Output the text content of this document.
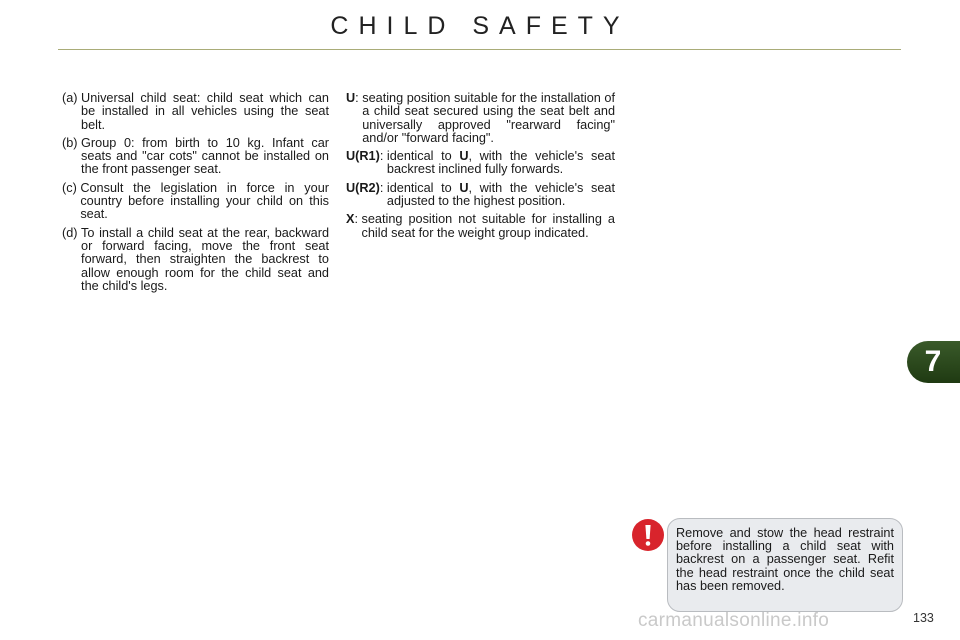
CHILD SAFETY
(a)
Universal child seat: child seat which can be installed in all vehicles using the seat belt.
(b)
Group 0: from birth to 10 kg. Infant car seats and "car cots" cannot be installed on the front passenger seat.
(c)
Consult the legislation in force in your country before installing your child on this seat.
(d)
To install a child seat at the rear, backward or forward facing, move the front seat forward, then straighten the backrest to allow enough room for the child seat and the child's legs.
U : seating position suitable for the installation of a child seat secured using the seat belt and universally approved "rearward facing" and/or "forward facing".
U(R1) : identical to U, with the vehicle's seat backrest inclined fully forwards.
U(R2) : identical to U, with the vehicle's seat adjusted to the highest position.
X : seating position not suitable for installing a child seat for the weight group indicated.
7
Remove and stow the head restraint before installing a child seat with backrest on a passenger seat. Refit the head restraint once the child seat has been removed.
carmanualsonline.info	133
